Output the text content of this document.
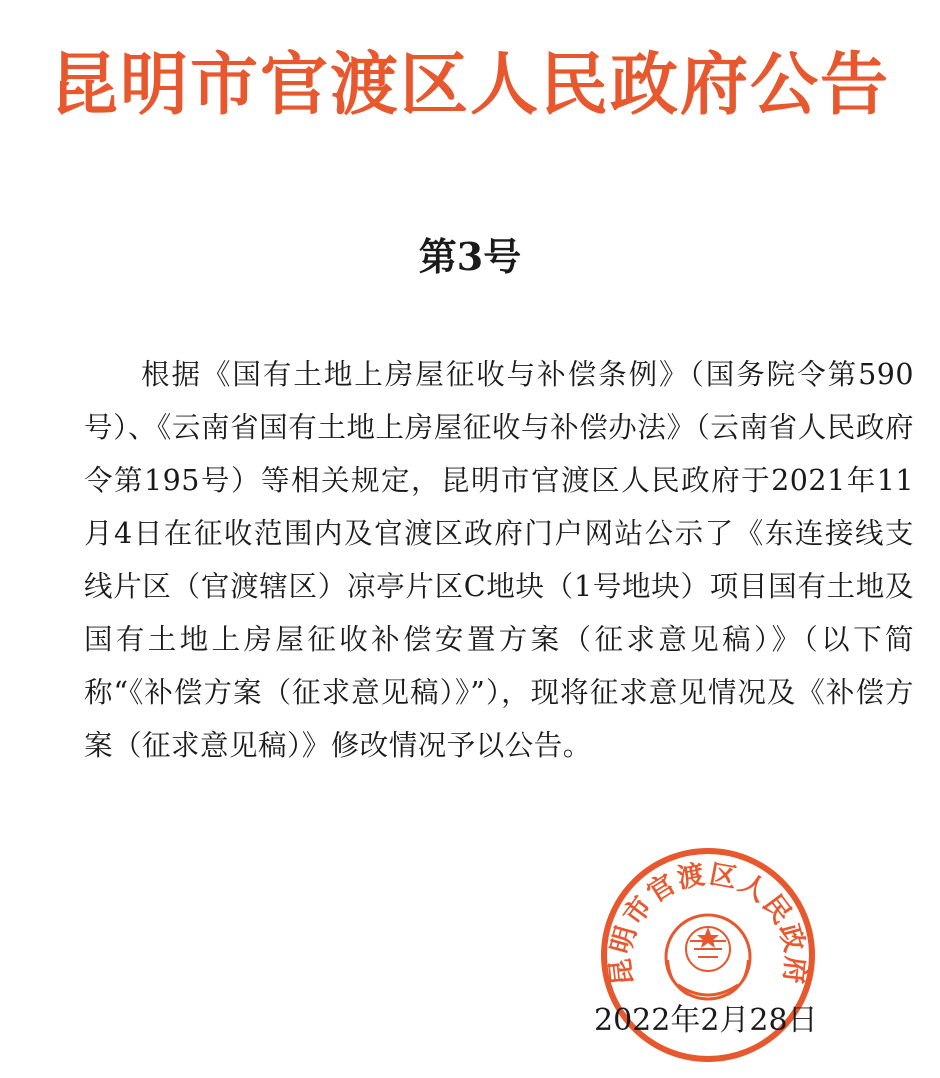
昆明市官渡区人民政府公告
第3号
根据《国有土地上房屋征收与补偿条例》（国务院令第590号）、《云南省国有土地上房屋征收与补偿办法》（云南省人民政府令第195号）等相关规定，昆明市官渡区人民政府于2021年11月4日在征收范围内及官渡区政府门户网站公示了《东连接线支线片区（官渡辖区）凉亭片区C地块（1号地块）项目国有土地及国有土地上房屋征收补偿安置方案（征求意见稿）》（以下简称“《补偿方案（征求意见稿）》”），现将征求意见情况及《补偿方案（征求意见稿）》修改情况予以公告。
昆明市官渡区人民政府
2022年2月28日
